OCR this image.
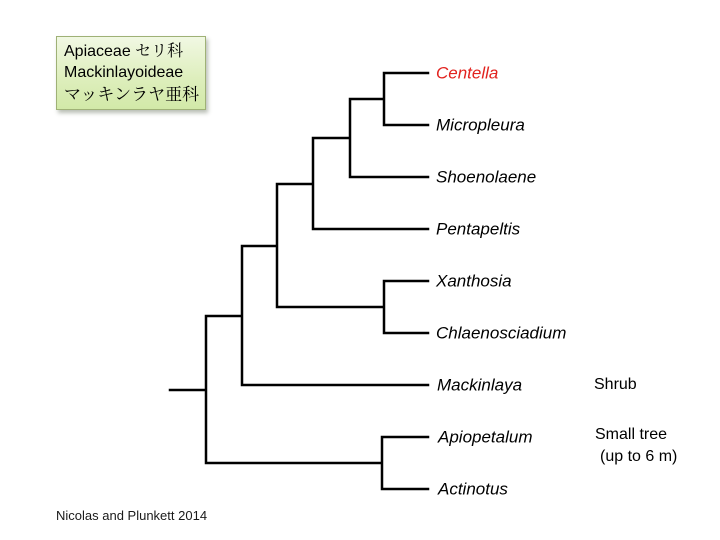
Apiaceae セリ科
Mackinlayoideae
マッキンラヤ亜科
Centella
Micropleura
Shoenolaene
Pentapeltis
Xanthosia
Chlaenosciadium
Mackinlaya
Apiopetalum
Actinotus
Shrub
Small tree
(up to 6 m)
Nicolas and Plunkett 2014
